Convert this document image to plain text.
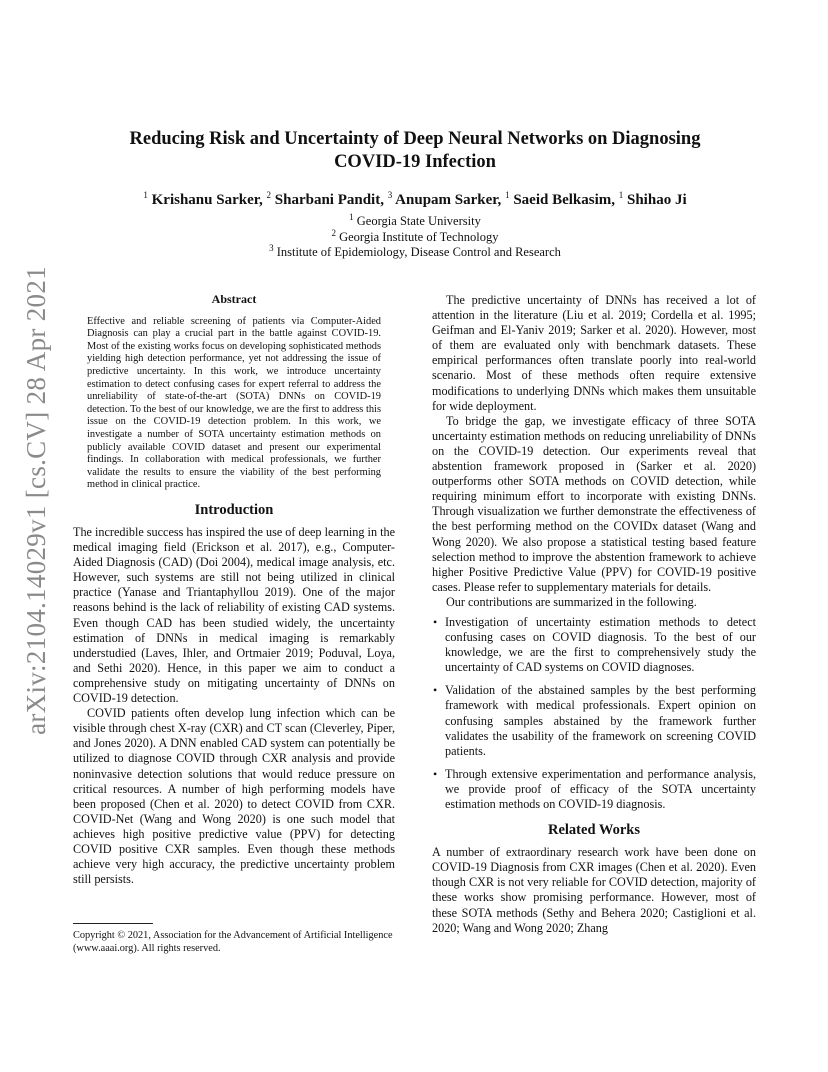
arXiv:2104.14029v1 [cs.CV] 28 Apr 2021
Reducing Risk and Uncertainty of Deep Neural Networks on Diagnosing
COVID-19 Infection
$^1$ Krishanu Sarker, $^2$ Sharbani Pandit, $^3$ Anupam Sarker, $^1$ Saeid Belkasim, $^1$ Shihao Ji
$^1$ Georgia State University
$^2$ Georgia Institute of Technology
$^3$ Institute of Epidemiology, Disease Control and Research
Abstract

Effective and reliable screening of patients via Computer-Aided Diagnosis can play a crucial part in the battle against COVID-19. Most of the existing works focus on developing sophisticated methods yielding high detection performance, yet not addressing the issue of predictive uncertainty. In this work, we introduce uncertainty estimation to detect confusing cases for expert referral to address the unreliability of state-of-the-art (SOTA) DNNs on COVID-19 detection. To the best of our knowledge, we are the first to address this issue on the COVID-19 detection problem. In this work, we investigate a number of SOTA uncertainty estimation methods on publicly available COVID dataset and present our experimental findings. In collaboration with medical professionals, we further validate the results to ensure the viability of the best performing method in clinical practice.

Introduction

The incredible success has inspired the use of deep learning in the medical imaging field (Erickson et al. 2017), e.g., Computer-Aided Diagnosis (CAD) (Doi 2004), medical image analysis, etc. However, such systems are still not being utilized in clinical practice (Yanase and Triantaphyllou 2019). One of the major reasons behind is the lack of reliability of existing CAD systems. Even though CAD has been studied widely, the uncertainty estimation of DNNs in medical imaging is remarkably understudied (Laves, Ihler, and Ortmaier 2019; Poduval, Loya, and Sethi 2020). Hence, in this paper we aim to conduct a comprehensive study on mitigating uncertainty of DNNs on COVID-19 detection.

COVID patients often develop lung infection which can be visible through chest X-ray (CXR) and CT scan (Cleverley, Piper, and Jones 2020). A DNN enabled CAD system can potentially be utilized to diagnose COVID through CXR analysis and provide noninvasive detection solutions that would reduce pressure on critical resources. A number of high performing models have been proposed (Chen et al. 2020) to detect COVID from CXR. COVID-Net (Wang and Wong 2020) is one such model that achieves high positive predictive value (PPV) for detecting COVID positive CXR samples. Even though these methods achieve very high accuracy, the predictive uncertainty problem still persists.

Copyright © 2021, Association for the Advancement of Artificial Intelligence (www.aaai.org). All rights reserved.

The predictive uncertainty of DNNs has received a lot of attention in the literature (Liu et al. 2019; Cordella et al. 1995; Geifman and El-Yaniv 2019; Sarker et al. 2020). However, most of them are evaluated only with benchmark datasets. These empirical performances often translate poorly into real-world scenario. Most of these methods often require extensive modifications to underlying DNNs which makes them unsuitable for wide deployment.

To bridge the gap, we investigate efficacy of three SOTA uncertainty estimation methods on reducing unreliability of DNNs on the COVID-19 detection. Our experiments reveal that abstention framework proposed in (Sarker et al. 2020) outperforms other SOTA methods on COVID detection, while requiring minimum effort to incorporate with existing DNNs. Through visualization we further demonstrate the effectiveness of the best performing method on the COVIDx dataset (Wang and Wong 2020). We also propose a statistical testing based feature selection method to improve the abstention framework to achieve higher Positive Predictive Value (PPV) for COVID-19 positive cases. Please refer to supplementary materials for details.

Our contributions are summarized in the following.

• Investigation of uncertainty estimation methods to detect confusing cases on COVID diagnosis. To the best of our knowledge, we are the first to comprehensively study the uncertainty of CAD systems on COVID diagnoses.
• Validation of the abstained samples by the best performing framework with medical professionals. Expert opinion on confusing samples abstained by the framework further validates the usability of the framework on screening COVID patients.
• Through extensive experimentation and performance analysis, we provide proof of efficacy of the SOTA uncertainty estimation methods on COVID-19 diagnosis.
Related Works

A number of extraordinary research work have been done on COVID-19 Diagnosis from CXR images (Chen et al. 2020). Even though CXR is not very reliable for COVID detection, majority of these works show promising performance. However, most of these SOTA methods (Sethy and Behera 2020; Castiglioni et al. 2020; Wang and Wong 2020; Zhang
